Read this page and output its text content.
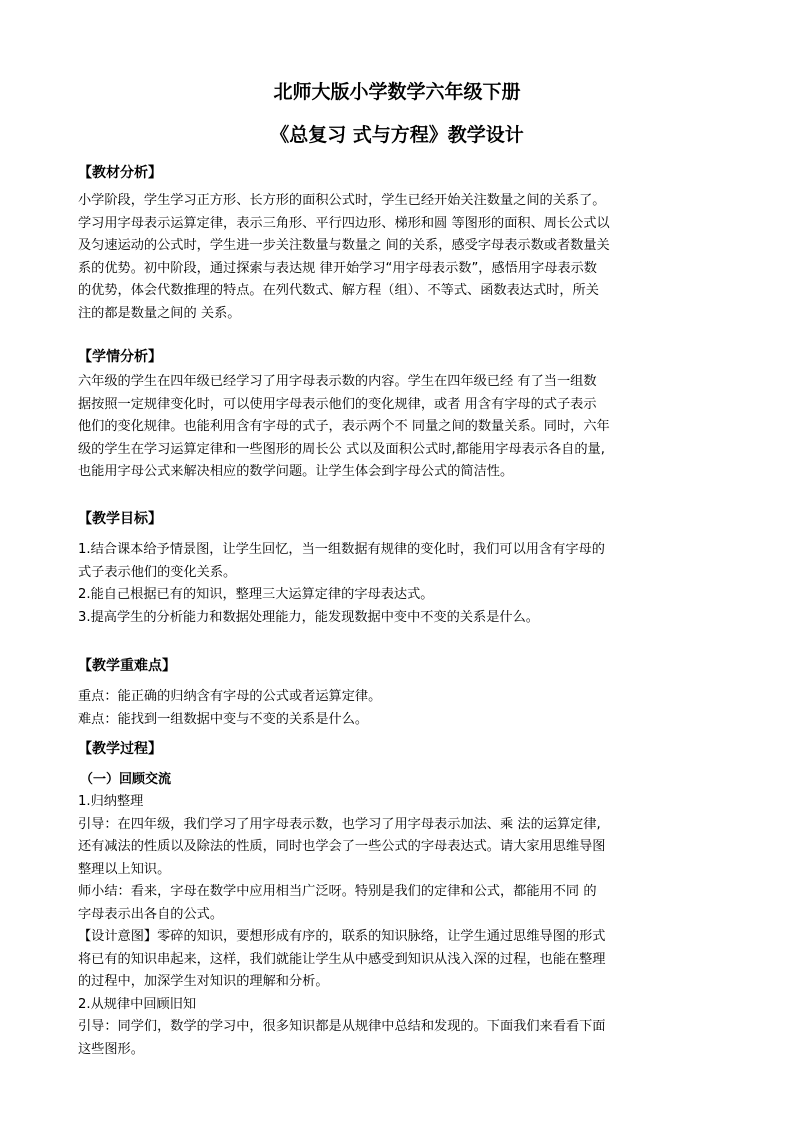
北师大版小学数学六年级下册
《总复习 式与方程》教学设计
【教材分析】
小学阶段，学生学习正方形、长方形的面积公式时，学生已经开始关注数量之间的关系了。
学习用字母表示运算定律，表示三角形、平行四边形、梯形和圆 等图形的面积、周长公式以
及匀速运动的公式时，学生进一步关注数量与数量之 间的关系，感受字母表示数或者数量关
系的优势。初中阶段，通过探索与表达规 律开始学习“用字母表示数”，感悟用字母表示数
的优势，体会代数推理的特点。在列代数式、解方程（组）、不等式、函数表达式时，所关
注的都是数量之间的 关系。
【学情分析】
六年级的学生在四年级已经学习了用字母表示数的内容。学生在四年级已经 有了当一组数
据按照一定规律变化时，可以使用字母表示他们的变化规律，或者 用含有字母的式子表示
他们的变化规律。也能利用含有字母的式子，表示两个不 同量之间的数量关系。同时，六年
级的学生在学习运算定律和一些图形的周长公 式以及面积公式时,都能用字母表示各自的量,
也能用字母公式来解决相应的数学问题。让学生体会到字母公式的简洁性。
【教学目标】
1.结合课本给予情景图，让学生回忆，当一组数据有规律的变化时，我们可以用含有字母的
式子表示他们的变化关系。
2.能自己根据已有的知识，整理三大运算定律的字母表达式。
3.提高学生的分析能力和数据处理能力，能发现数据中变中不变的关系是什么。
【教学重难点】
重点：能正确的归纳含有字母的公式或者运算定律。
难点：能找到一组数据中变与不变的关系是什么。
【教学过程】
（一）回顾交流
1.归纳整理
引导：在四年级，我们学习了用字母表示数，也学习了用字母表示加法、乘 法的运算定律,
还有减法的性质以及除法的性质，同时也学会了一些公式的字母表达式。请大家用思维导图
整理以上知识。
师小结：看来，字母在数学中应用相当广泛呀。特别是我们的定律和公式，都能用不同 的
字母表示出各自的公式。
【设计意图】零碎的知识，要想形成有序的，联系的知识脉络，让学生通过思维导图的形式
将已有的知识串起来，这样，我们就能让学生从中感受到知识从浅入深的过程，也能在整理
的过程中，加深学生对知识的理解和分析。
2.从规律中回顾旧知
引导：同学们，数学的学习中，很多知识都是从规律中总结和发现的。下面我们来看看下面
这些图形。
